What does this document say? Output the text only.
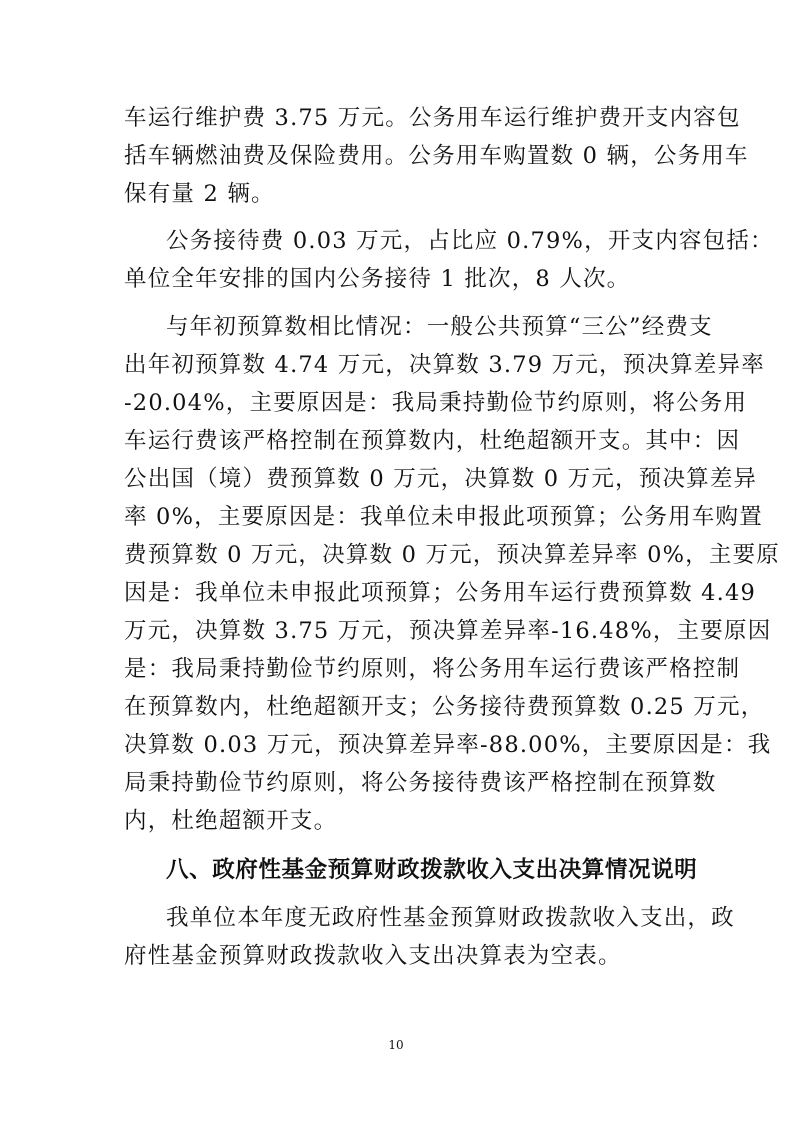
车运行维护费 3.75 万元。公务用车运行维护费开支内容包
括车辆燃油费及保险费用。公务用车购置数 0 辆，公务用车
保有量 2 辆。
公务接待费 0.03 万元，占比应 0.79%，开支内容包括：
单位全年安排的国内公务接待 1 批次，8 人次。
与年初预算数相比情况：一般公共预算“三公”经费支
出年初预算数 4.74 万元，决算数 3.79 万元，预决算差异率
-20.04%，主要原因是：我局秉持勤俭节约原则，将公务用
车运行费该严格控制在预算数内，杜绝超额开支。其中：因
公出国（境）费预算数 0 万元，决算数 0 万元，预决算差异
率 0%，主要原因是：我单位未申报此项预算；公务用车购置
费预算数 0 万元，决算数 0 万元，预决算差异率 0%，主要原
因是：我单位未申报此项预算；公务用车运行费预算数 4.49
万元，决算数 3.75 万元，预决算差异率-16.48%，主要原因
是：我局秉持勤俭节约原则，将公务用车运行费该严格控制
在预算数内，杜绝超额开支；公务接待费预算数 0.25 万元，
决算数 0.03 万元，预决算差异率-88.00%，主要原因是：我
局秉持勤俭节约原则，将公务接待费该严格控制在预算数
内，杜绝超额开支。
八、政府性基金预算财政拨款收入支出决算情况说明
我单位本年度无政府性基金预算财政拨款收入支出，政
府性基金预算财政拨款收入支出决算表为空表。
10
